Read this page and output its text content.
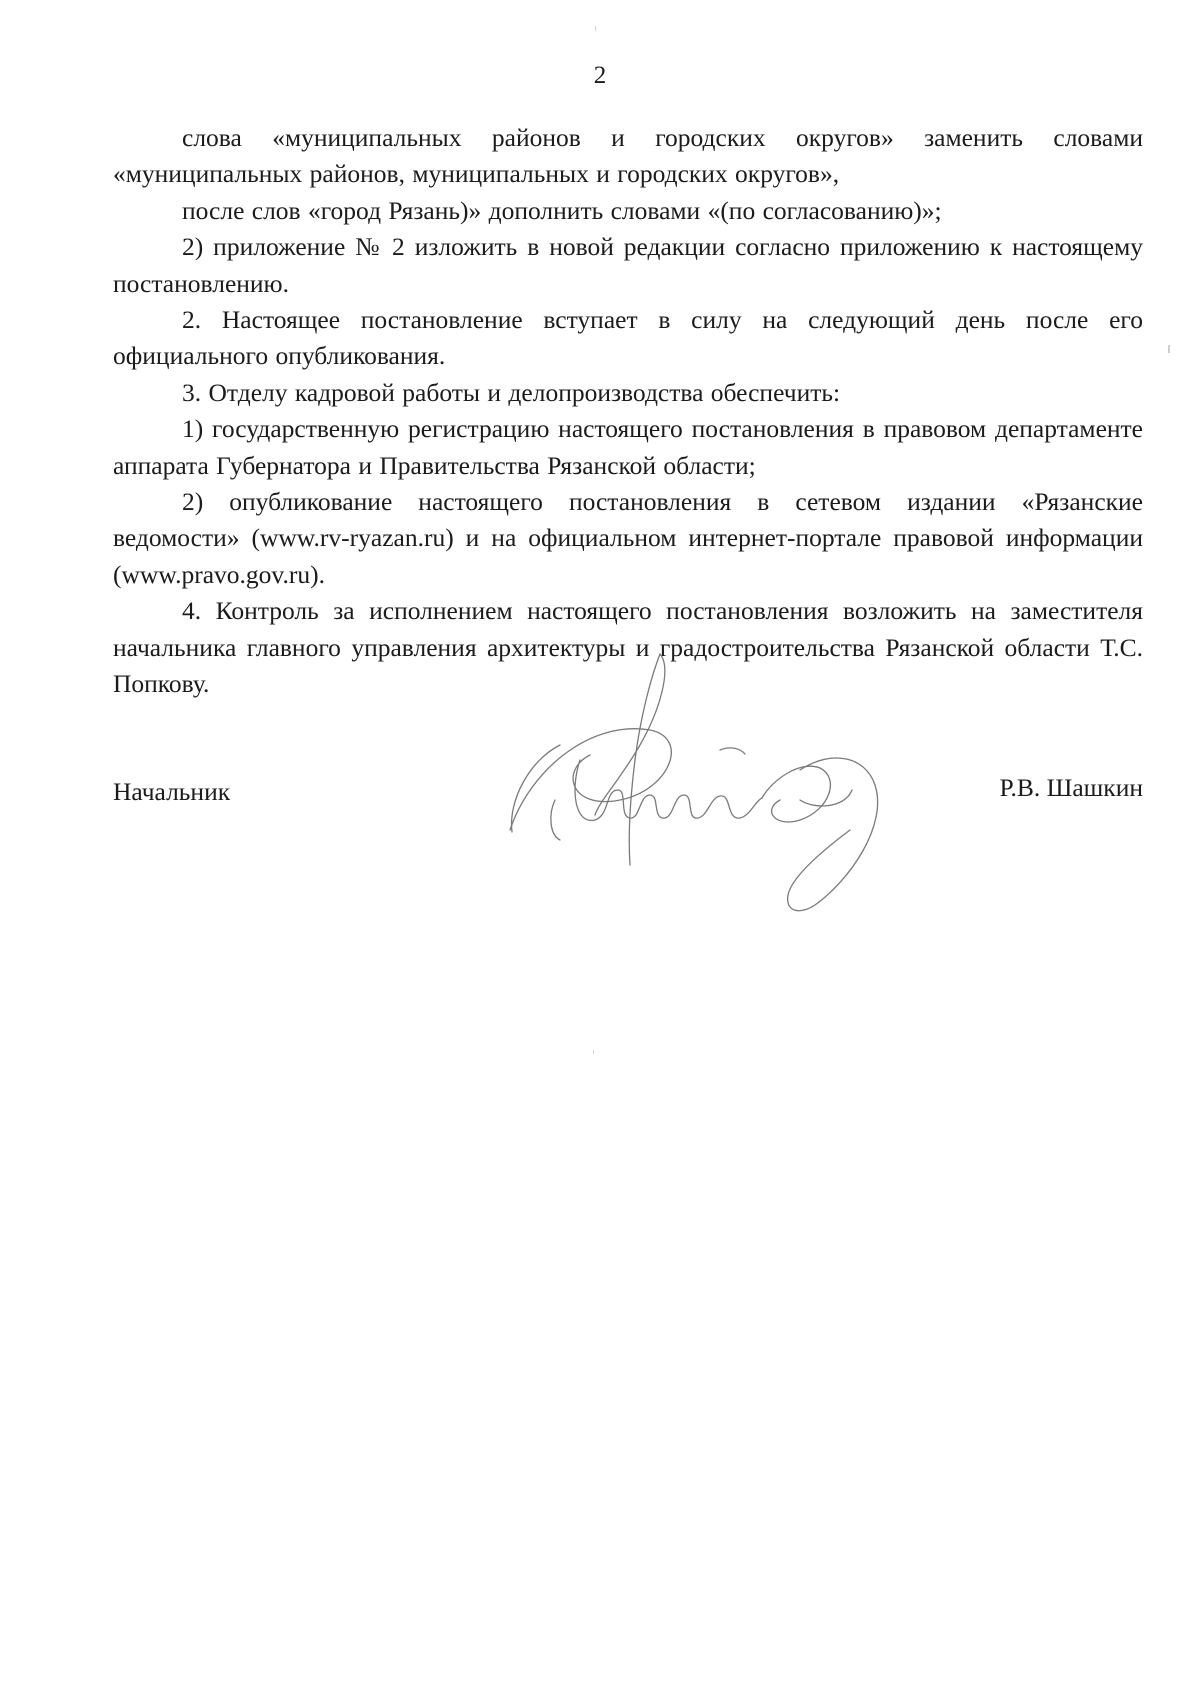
2

слова «муниципальных районов и городских округов» заменить словами «муниципальных районов, муниципальных и городских округов»,

после слов «город Рязань)» дополнить словами «(по согласованию)»;

2) приложение № 2 изложить в новой редакции согласно приложению к настоящему постановлению.

2. Настоящее постановление вступает в силу на следующий день после его официального опубликования.

3. Отделу кадровой работы и делопроизводства обеспечить:

1) государственную регистрацию настоящего постановления в правовом департаменте аппарата Губернатора и Правительства Рязанской области;

2) опубликование настоящего постановления в сетевом издании «Рязанские ведомости» (www.rv-ryazan.ru) и на официальном интернет-портале правовой информации (www.pravo.gov.ru).

4. Контроль за исполнением настоящего постановления возложить на заместителя начальника главного управления архитектуры и градостроительства Рязанской области Т.С. Попкову.

Начальник	Р.В. Шашкин
